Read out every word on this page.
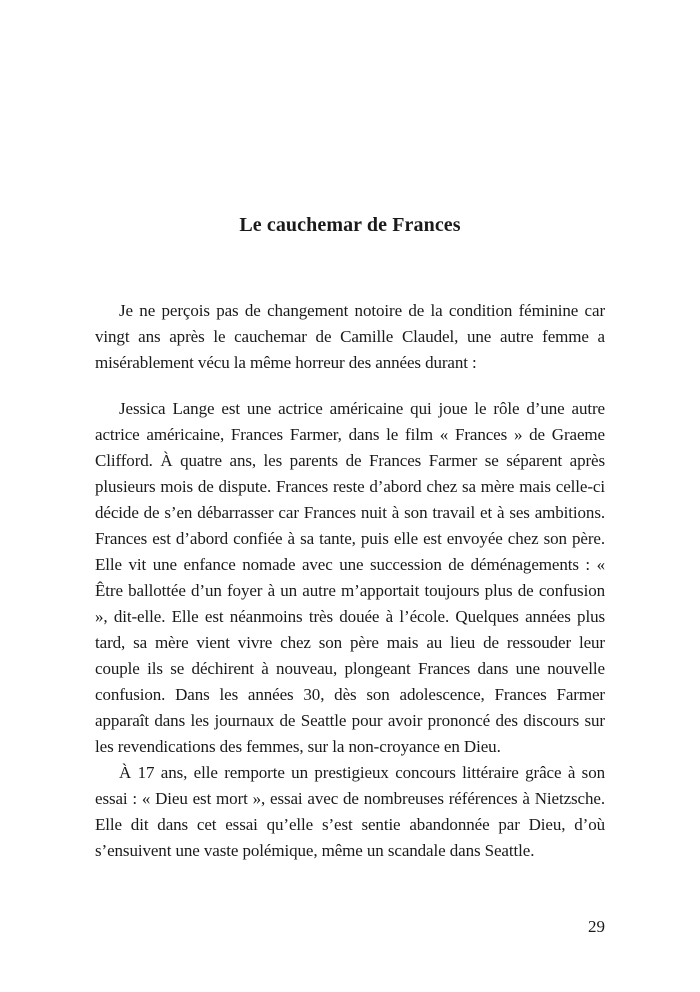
Le cauchemar de Frances

Je ne perçois pas de changement notoire de la condition féminine car vingt ans après le cauchemar de Camille Claudel, une autre femme a misérablement vécu la même horreur des années durant :

Jessica Lange est une actrice américaine qui joue le rôle d’une autre actrice américaine, Frances Farmer, dans le film « Frances » de Graeme Clifford. À quatre ans, les parents de Frances Farmer se séparent après plusieurs mois de dispute. Frances reste d’abord chez sa mère mais celle-ci décide de s’en débarrasser car Frances nuit à son travail et à ses ambitions. Frances est d’abord confiée à sa tante, puis elle est envoyée chez son père. Elle vit une enfance nomade avec une succession de déménagements : « Être ballottée d’un foyer à un autre m’apportait toujours plus de confusion », dit-elle. Elle est néanmoins très douée à l’école. Quelques années plus tard, sa mère vient vivre chez son père mais au lieu de ressouder leur couple ils se déchirent à nouveau, plongeant Frances dans une nouvelle confusion. Dans les années 30, dès son adolescence, Frances Farmer apparaît dans les journaux de Seattle pour avoir prononcé des discours sur les revendications des femmes, sur la non-croyance en Dieu.

À 17 ans, elle remporte un prestigieux concours littéraire grâce à son essai : « Dieu est mort », essai avec de nombreuses références à Nietzsche. Elle dit dans cet essai qu’elle s’est sentie abandonnée par Dieu, d’où s’ensuivent une vaste polémique, même un scandale dans Seattle.

29
